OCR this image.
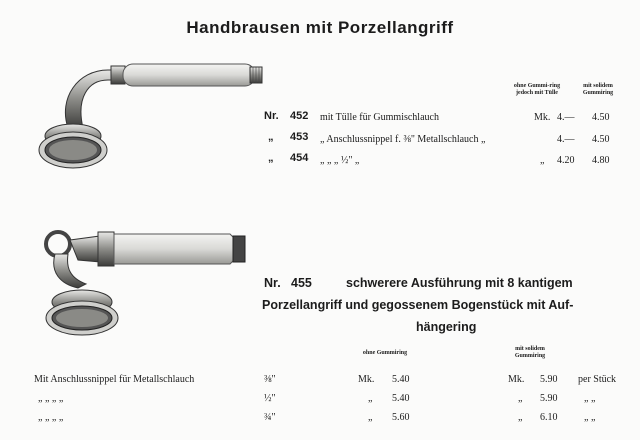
Handbrausen mit Porzellangriff
ohne Gummi-ring jedoch mit Tülle
mit solidem Gummiring
Nr. 452 mit Tülle für Gummischlauch	Mk. 4.— 4.50
„ 453 „ Anschlussnippel f. ⅜" Metallschlauch „	4.— 4.50
„ 454 „ „ „ ½" „	„ 4.20 4.80
Nr. 455	schwerere Ausführung mit 8 kantigem
Porzellangriff und gegossenem Bogenstück mit Auf-
hängering
ohne Gummiring
mit solidem Gummiring
Mit Anschlussnippel für Metallschlauch	⅜"	Mk. 5.40	Mk. 5.90 per Stück
„ „ „ „	½"	„ 5.40	„ 5.90	„ „
„ „ „ „	¾"	„ 5.60	„ 6.10	„ „
